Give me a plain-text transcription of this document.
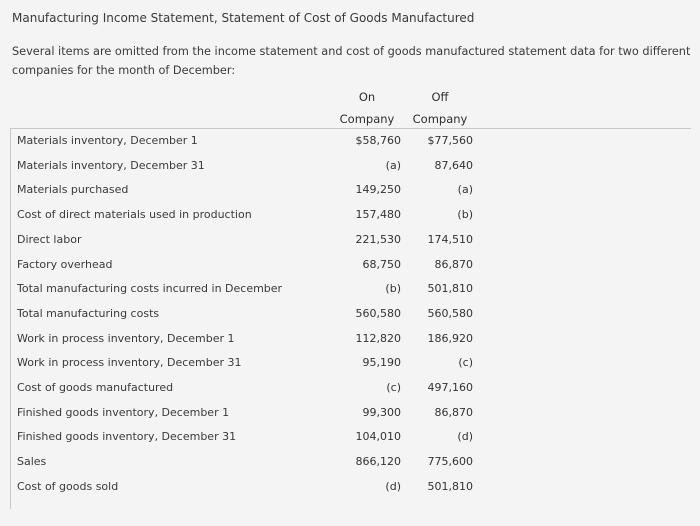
Manufacturing Income Statement, Statement of Cost of Goods Manufactured
Several items are omitted from the income statement and cost of goods manufactured statement data for two different companies for the month of December:
On
Company
Off
Company
Materials inventory, December 1	$58,760 $77,560
Materials inventory, December 31	(a)	87,640
Materials purchased	149,250	(a)
Cost of direct materials used in production	157,480	(b)
Direct labor	221,530 174,510
Factory overhead	68,750	86,870
Total manufacturing costs incurred in December	(b) 501,810
Total manufacturing costs	560,580 560,580
Work in process inventory, December 1	112,820 186,920
Work in process inventory, December 31	95,190	(c)
Cost of goods manufactured	(c) 497,160
Finished goods inventory, December 1	99,300	86,870
Finished goods inventory, December 31	104,010	(d)
Sales	866,120 775,600
Cost of goods sold	(d) 501,810
